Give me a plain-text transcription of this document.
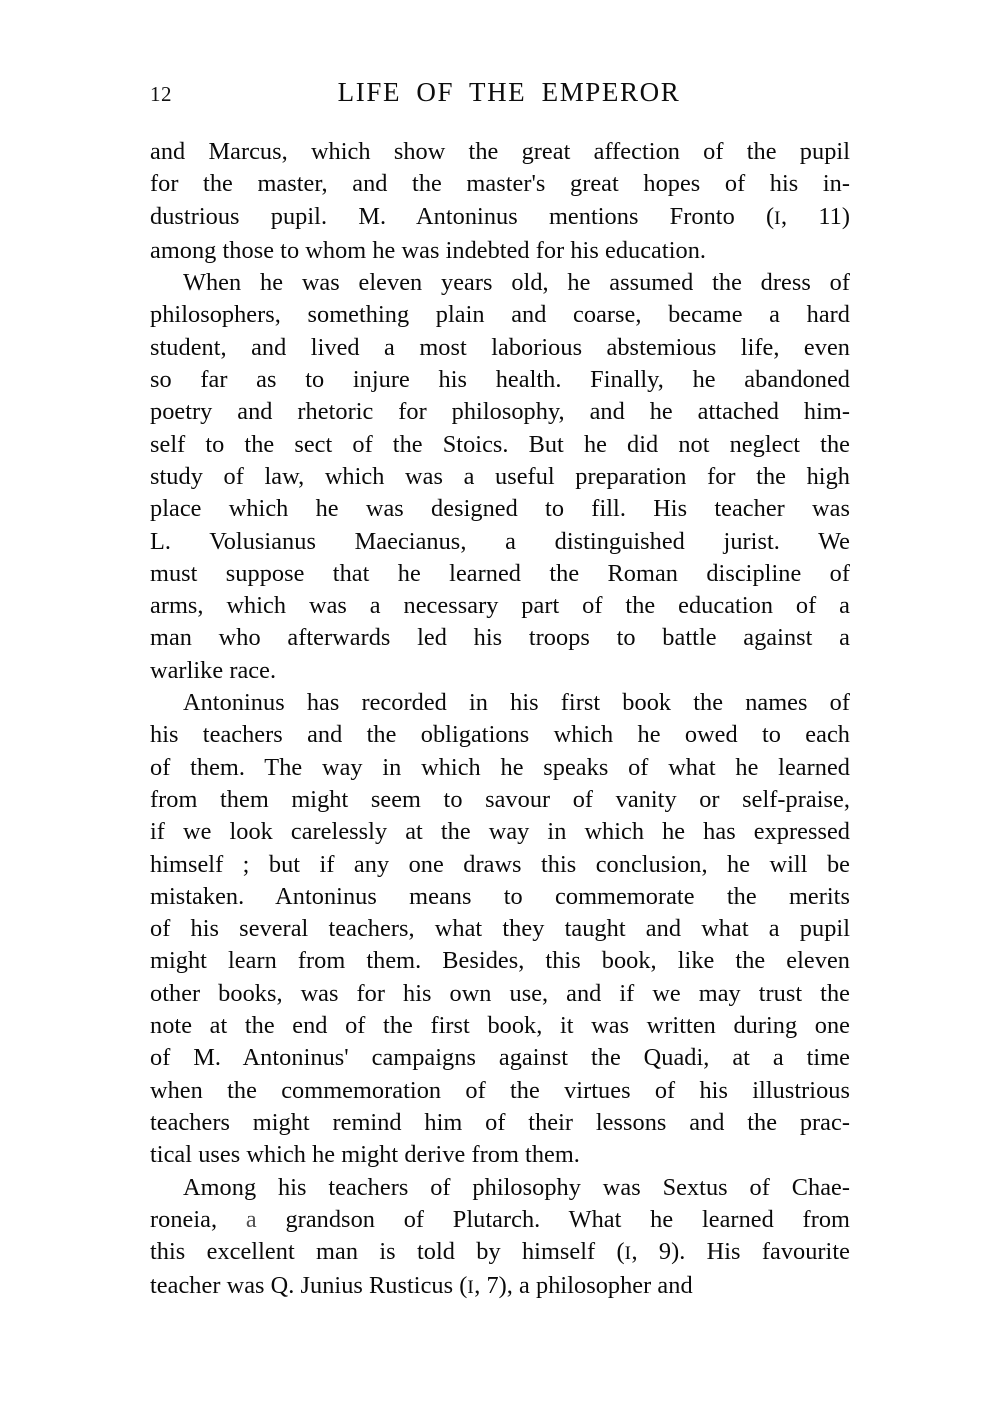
12	LIFE OF THE EMPEROR

and Marcus, which show the great affection of the pupil
for the master, and the master's great hopes of his in-
dustrious pupil. M. Antoninus mentions Fronto (I, 11)
among those to whom he was indebted for his education.

When he was eleven years old, he assumed the dress of
philosophers, something plain and coarse, became a hard
student, and lived a most laborious abstemious life, even
so far as to injure his health. Finally, he abandoned
poetry and rhetoric for philosophy, and he attached him-
self to the sect of the Stoics. But he did not neglect the
study of law, which was a useful preparation for the high
place which he was designed to fill. His teacher was
L. Volusianus Maecianus, a distinguished jurist. We
must suppose that he learned the Roman discipline of
arms, which was a necessary part of the education of a
man who afterwards led his troops to battle against a
warlike race.

Antoninus has recorded in his first book the names of
his teachers and the obligations which he owed to each
of them. The way in which he speaks of what he learned
from them might seem to savour of vanity or self-praise,
if we look carelessly at the way in which he has expressed
himself ; but if any one draws this conclusion, he will be
mistaken. Antoninus means to commemorate the merits
of his several teachers, what they taught and what a pupil
might learn from them. Besides, this book, like the eleven
other books, was for his own use, and if we may trust the
note at the end of the first book, it was written during one
of M. Antoninus' campaigns against the Quadi, at a time
when the commemoration of the virtues of his illustrious
teachers might remind him of their lessons and the prac-
tical uses which he might derive from them.

Among his teachers of philosophy was Sextus of Chae-
roneia, a grandson of Plutarch. What he learned from
this excellent man is told by himself (I, 9). His favourite
teacher was Q. Junius Rusticus (I, 7), a philosopher and
